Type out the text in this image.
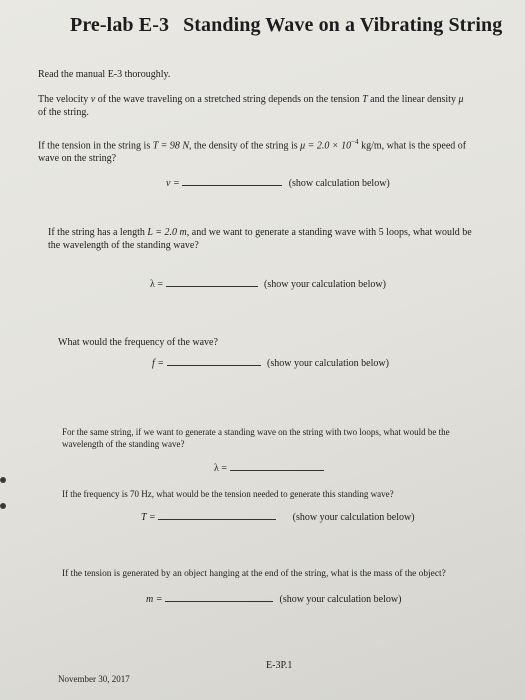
Pre-lab E-3 Standing Wave on a Vibrating String
Read the manual E-3 thoroughly.
The velocity v of the wave traveling on a stretched string depends on the tension T and the linear density μ
of the string.
If the tension in the string is T = 98 N, the density of the string is $\mu = 2.0 \times 10^{-4}$ kg/m, what is the speed of
wave on the string?
v =	(show calculation below)
If the string has a length L = 2.0 m, and we want to generate a standing wave with 5 loops, what would be
the wavelength of the standing wave?
λ =	(show your calculation below)
What would the frequency of the wave?
f =	(show your calculation below)
For the same string, if we want to generate a standing wave on the string with two loops, what would be the
wavelength of the standing wave?
λ =
If the frequency is 70 Hz, what would be the tension needed to generate this standing wave?
T =	(show your calculation below)
If the tension is generated by an object hanging at the end of the string, what is the mass of the object?
m =	(show your calculation below)
E-3P.1
November 30, 2017
